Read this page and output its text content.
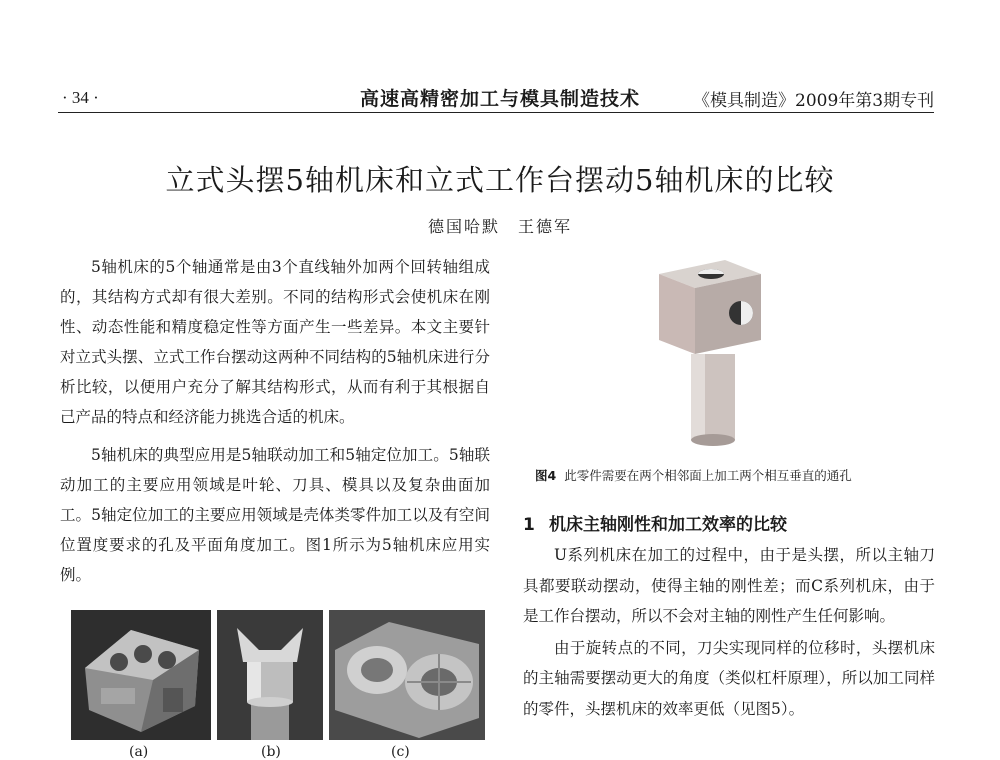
· 34 ·	高速高精密加工与模具制造技术	《模具制造》2009年第3期专刊
立式头摆5轴机床和立式工作台摆动5轴机床的比较
德国哈默　王德军

5轴机床的5个轴通常是由3个直线轴外加两个回转轴组成的，其结构方式却有很大差别。不同的结构形式会使机床在刚性、动态性能和精度稳定性等方面产生一些差异。本文主要针对立式头摆、立式工作台摆动这两种不同结构的5轴机床进行分析比较，以便用户充分了解其结构形式，从而有利于其根据自己产品的特点和经济能力挑选合适的机床。

5轴机床的典型应用是5轴联动加工和5轴定位加工。5轴联动加工的主要应用领域是叶轮、刀具、模具以及复杂曲面加工。5轴定位加工的主要应用领域是壳体类零件加工以及有空间位置度要求的孔及平面角度加工。图1所示为5轴机床应用实例。

(a)	(b)	(c)
图4 此零件需要在两个相邻面上加工两个相互垂直的通孔
1 机床主轴刚性和加工效率的比较

U系列机床在加工的过程中，由于是头摆，所以主轴刀具都要联动摆动，使得主轴的刚性差；而C系列机床，由于是工作台摆动，所以不会对主轴的刚性产生任何影响。

由于旋转点的不同，刀尖实现同样的位移时，头摆机床的主轴需要摆动更大的角度（类似杠杆原理），所以加工同样的零件，头摆机床的效率更低（见图5）。
